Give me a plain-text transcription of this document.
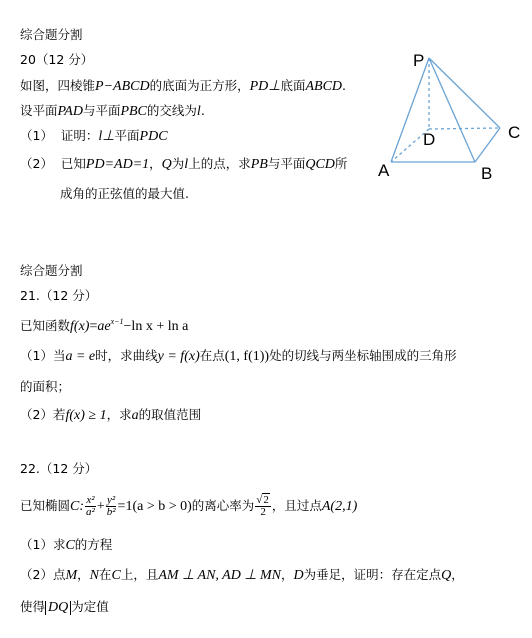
综合题分割
20（12 分）
如图，四棱锥P−ABCD的底面为正方形，PD⊥底面ABCD.
设平面PAD与平面PBC的交线为l.
（1） 证明：l⊥平面PDC
（2） 已知PD=AD=1，Q为l上的点，求PB与平面QCD所
成角的正弦值的最大值.
P
D	C
A	B
综合题分割
21.（12 分）
已知函数$f(x)=ae^{x-1}-\ln$ x + ln a
（1）当a = e时，求曲线y = f(x)在点(1, f(1))处的切线与两坐标轴围成的三角形
的面积；
（2）若f(x) ≥ 1，求a的取值范围
22.（12 分）
已知椭圆C: $\frac{\text{x²}}{\text{a²}} + \frac{\text{y²}}{\text{b²}} =1(a > b > 0)$的离心率为 $\frac{√2}{2}$ ，且过点A(2,1)
（1）求C的方程
（2）点M，N在C上，且AM ⊥ AN, AD ⊥ MN，D为垂足，证明：存在定点Q，
使得 DQ 为定值
